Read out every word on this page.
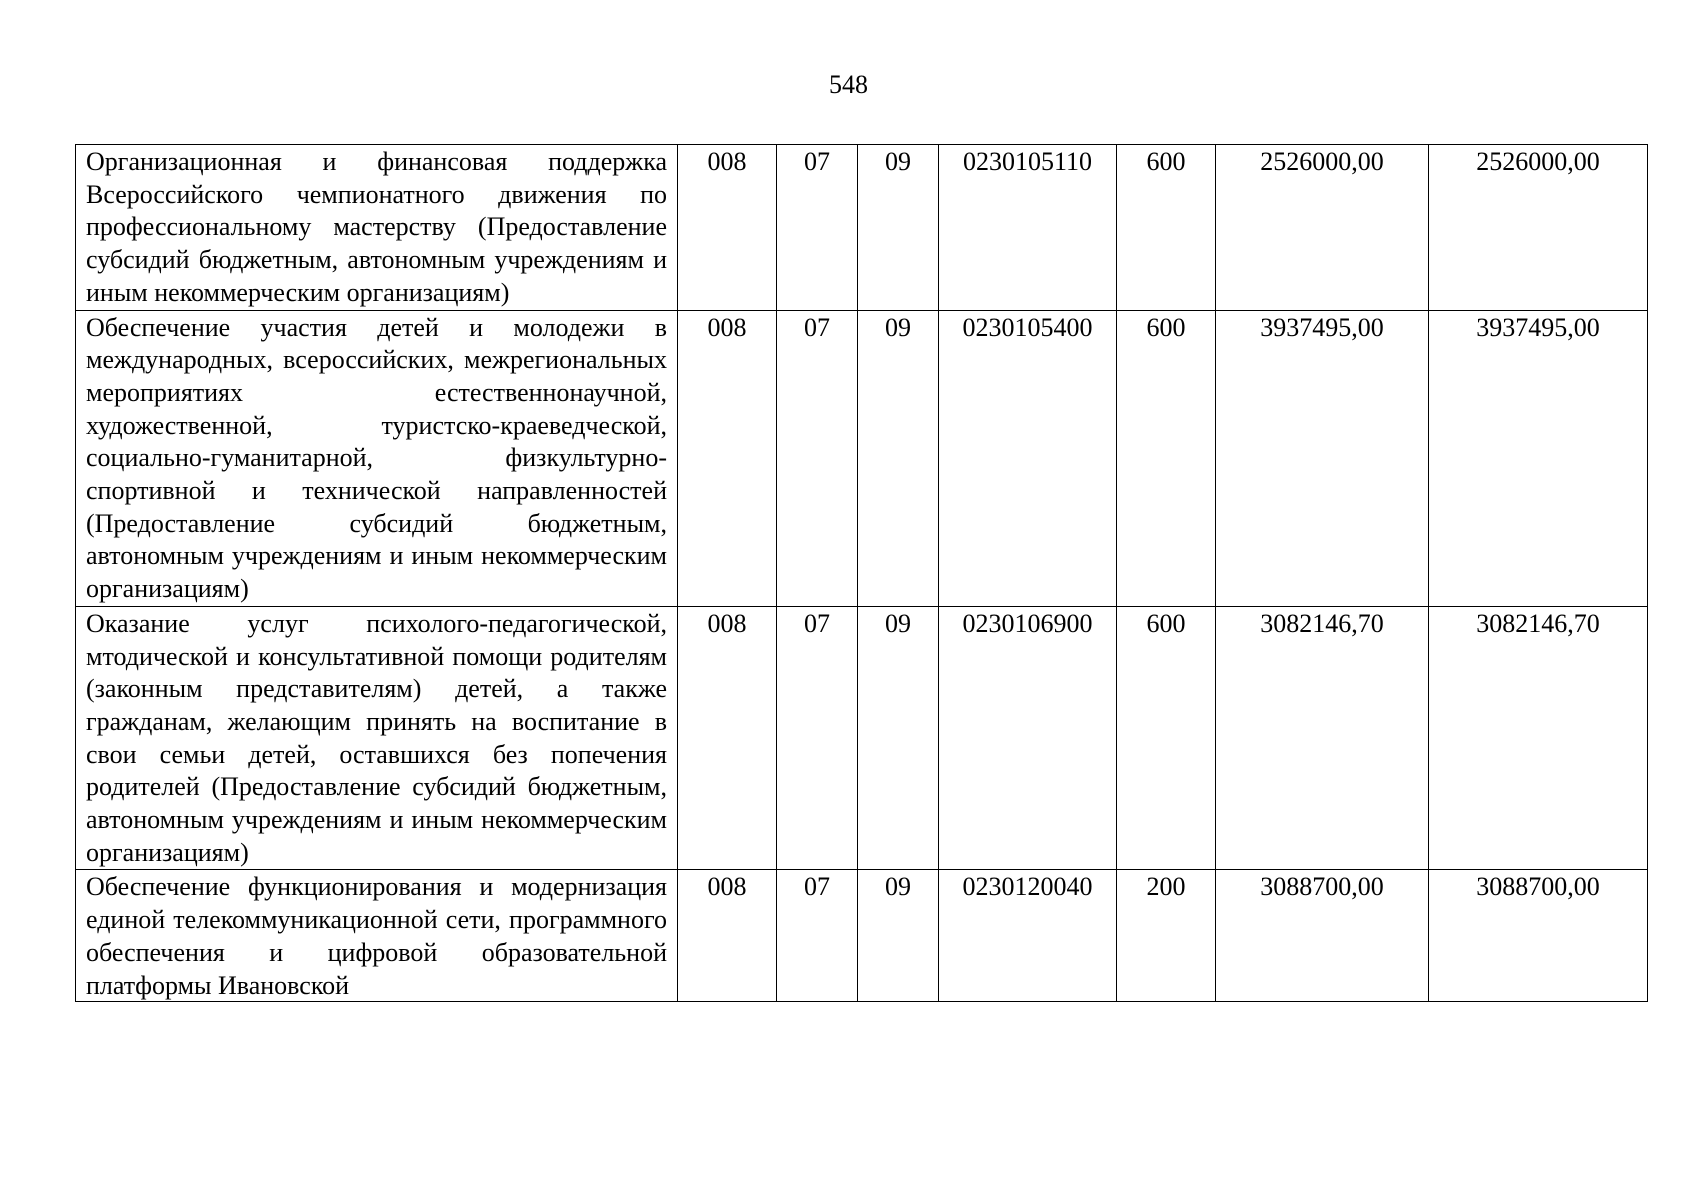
548
Организационная и финансовая поддержка Всероссийского чемпионатного движения по профессиональному мастерству (Предоставление субсидий бюджетным, автономным учреждениям и иным некоммерческим организациям)	008	07	09	0230105110	600	2526000,00	2526000,00
Обеспечение участия детей и молодежи в международных, всероссийских, межрегиональных мероприятиях естественнонаучной, художественной, туристско-краеведческой, социально-гуманитарной, физкультурно-спортивной и технической направленностей (Предоставление субсидий бюджетным, автономным учреждениям и иным некоммерческим организациям)	008	07	09	0230105400	600	3937495,00	3937495,00
Оказание услуг психолого-педагогической, мтодической и консультативной помощи родителям (законным представителям) детей, а также гражданам, желающим принять на воспитание в свои семьи детей, оставшихся без попечения родителей (Предоставление субсидий бюджетным, автономным учреждениям и иным некоммерческим организациям)	008	07	09	0230106900	600	3082146,70	3082146,70

Обеспечение функционирования и модернизация единой телекоммуникационной сети, программного обеспечения и цифровой образовательной платформы Ивановской	008	07	09	0230120040	200	3088700,00	3088700,00
